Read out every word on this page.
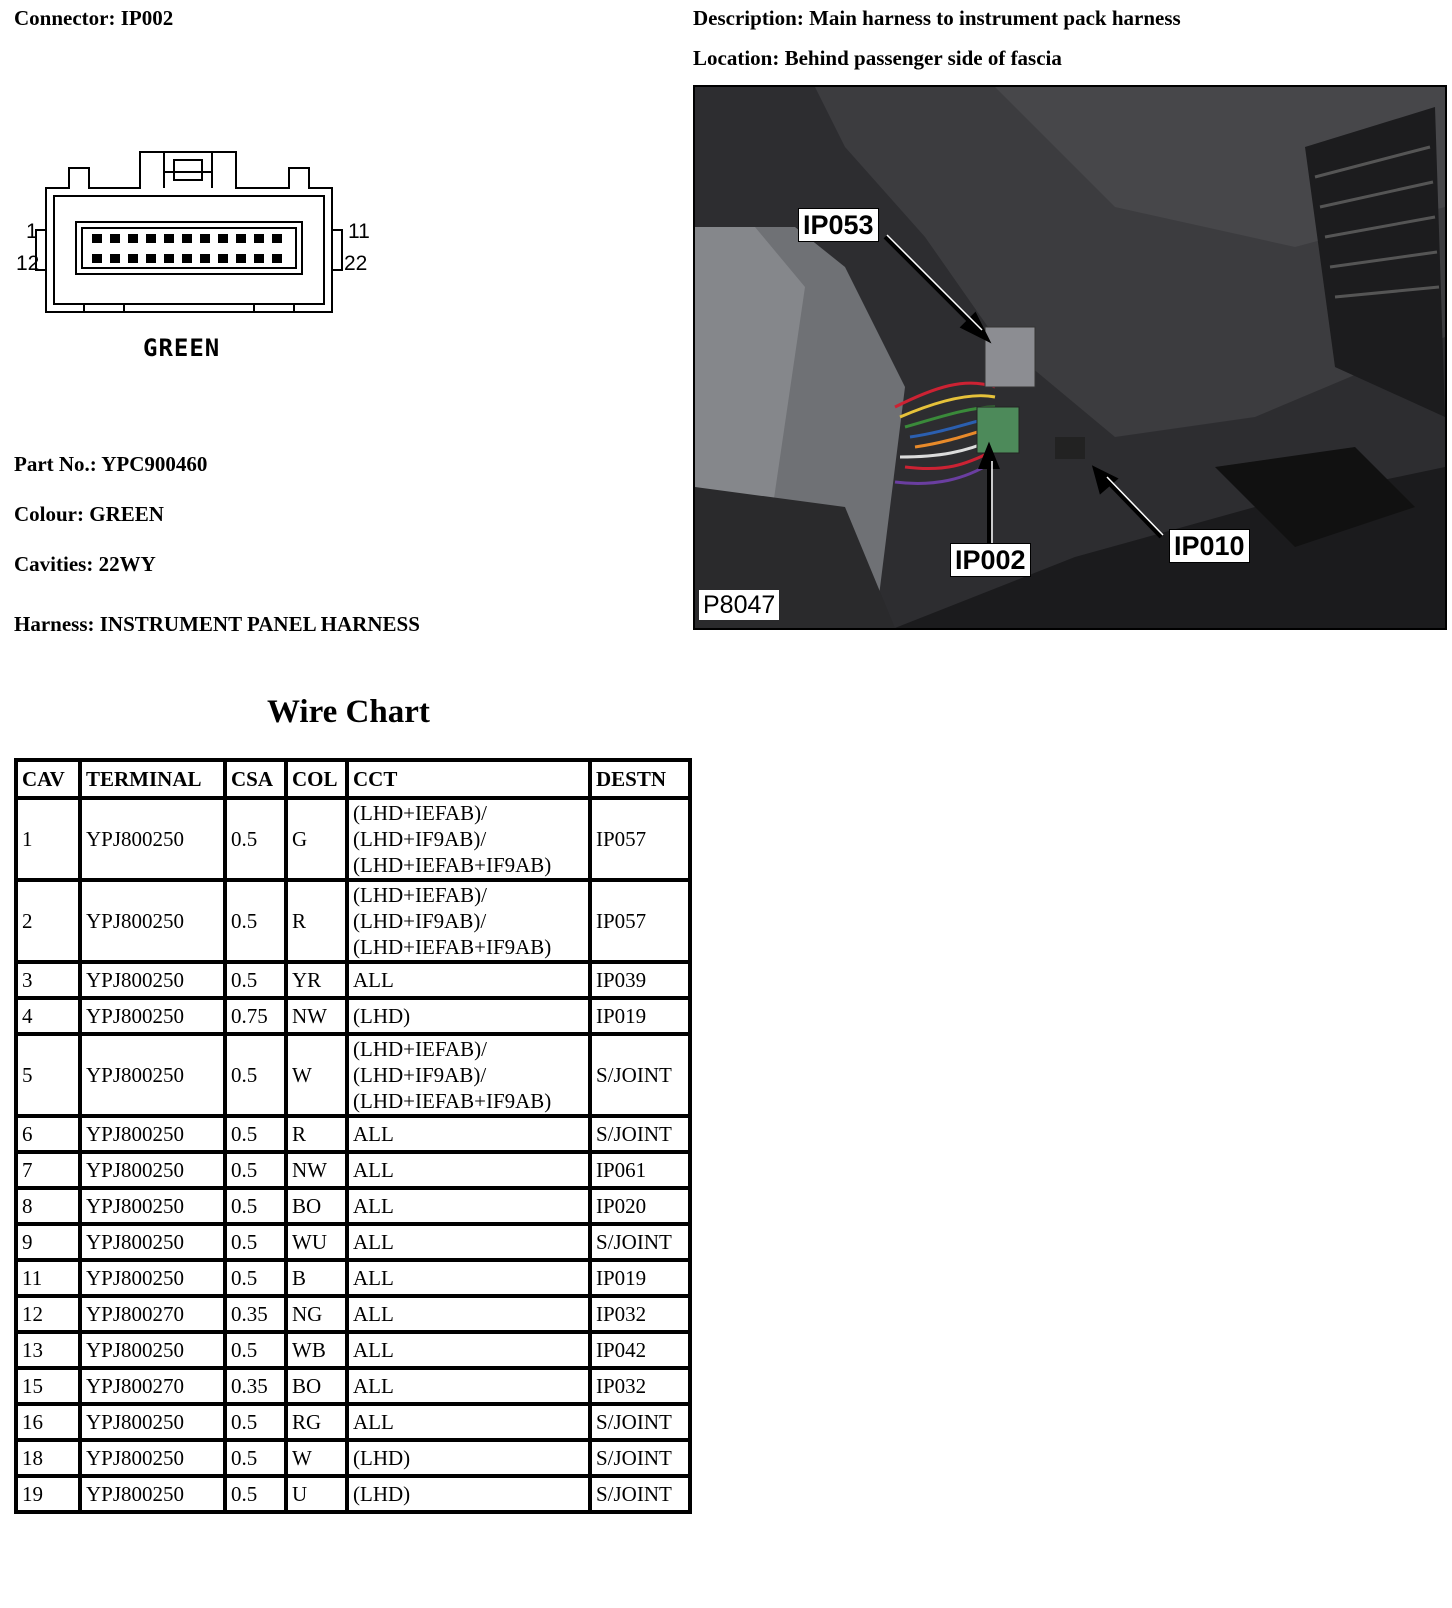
Connector: IP002	Description: Main harness to instrument pack harness
Location: Behind passenger side of fascia
1
12
11
22
GREEN
Part No.: YPC900460
Colour: GREEN
Cavities: 22WY
Harness: INSTRUMENT PANEL HARNESS
IP053
IP002	IP010
P8047
Wire Chart
CAV	TERMINAL	CSA	COL	CCT	DESTN
1	YPJ800250	0.5	G	(LHD+IEFAB)/
(LHD+IF9AB)/
(LHD+IEFAB+IF9AB)	IP057
2	YPJ800250	0.5	R	(LHD+IEFAB)/
(LHD+IF9AB)/
(LHD+IEFAB+IF9AB)	IP057
3	YPJ800250	0.5	YR	ALL	IP039
4	YPJ800250	0.75	NW	(LHD)	IP019
5	YPJ800250	0.5	W	(LHD+IEFAB)/
(LHD+IF9AB)/
(LHD+IEFAB+IF9AB)	S/JOINT
6	YPJ800250	0.5	R	ALL	S/JOINT
7	YPJ800250	0.5	NW	ALL	IP061
8	YPJ800250	0.5	BO	ALL	IP020
9	YPJ800250	0.5	WU	ALL	S/JOINT
11	YPJ800250	0.5	B	ALL	IP019
12	YPJ800270	0.35	NG	ALL	IP032
13	YPJ800250	0.5	WB	ALL	IP042
15	YPJ800270	0.35	BO	ALL	IP032
16	YPJ800250	0.5	RG	ALL	S/JOINT
18	YPJ800250	0.5	W	(LHD)	S/JOINT
19	YPJ800250	0.5	U	(LHD)	S/JOINT
